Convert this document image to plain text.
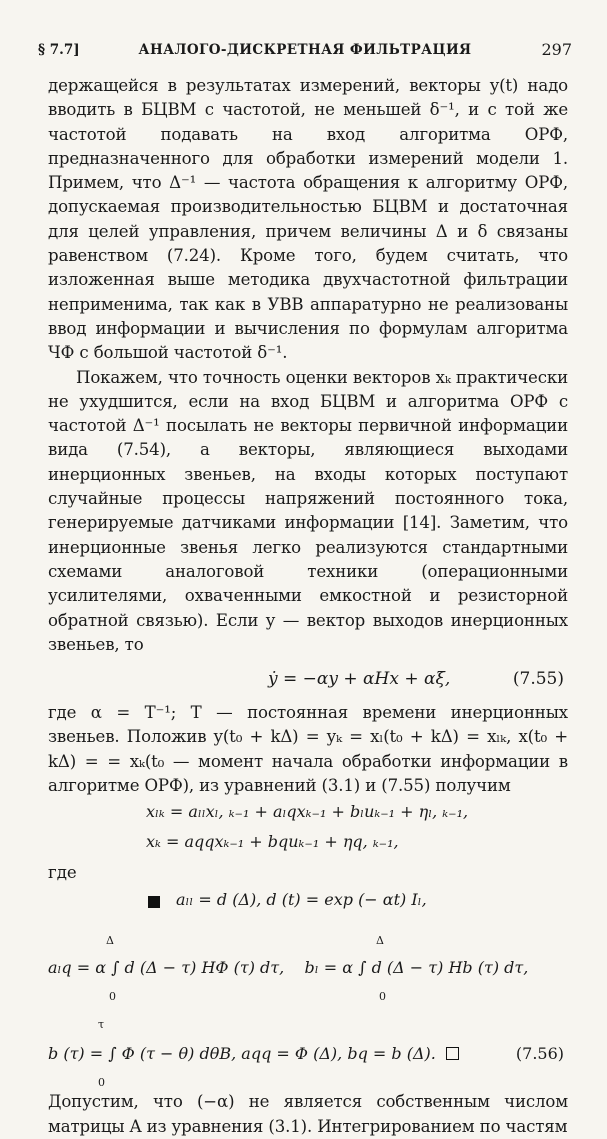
§ 7.7]	АНАЛОГО-ДИСКРЕТНАЯ ФИЛЬТРАЦИЯ	297

держащейся в результатах измерений, векторы y(t) надо вводить в БЦВМ с частотой, не меньшей δ⁻¹, и с той же частотой подавать на вход алгоритма ОРФ, предназначенного для обработки измерений модели 1. Примем, что Δ⁻¹ — частота обращения к алгоритму ОРФ, допускаемая производительностью БЦВМ и достаточная для целей управления, причем величины Δ и δ связаны равенством (7.24). Кроме того, будем считать, что изложенная выше методика двухчастотной фильтрации неприменима, так как в УВВ аппаратурно не реализованы ввод информации и вычисления по формулам алгоритма ЧФ с большой частотой δ⁻¹.

Покажем, что точность оценки векторов xₖ практически не ухудшится, если на вход БЦВМ и алгоритма ОРФ с частотой Δ⁻¹ посылать не векторы первичной информации вида (7.54), а векторы, являющиеся выходами инерционных звеньев, на входы которых поступают случайные процессы напряжений постоянного тока, генерируемые датчиками информации [14]. Заметим, что инерционные звенья легко реализуются стандартными схемами аналоговой техники (операционными усилителями, охваченными емкостной и резисторной обратной связью). Если y — вектор выходов инерционных звеньев, то

ẏ = −αy + αHx + αξ,	(7.55)

где α = T⁻¹; T — постоянная времени инерционных звеньев. Положив y(t₀ + kΔ) = yₖ = xₗ(t₀ + kΔ) = xₗₖ, x(t₀ + kΔ) = = xₖ(t₀ — момент начала обработки информации в алгоритме ОРФ), из уравнений (3.1) и (7.55) получим

xₗₖ = aₗₗxₗ, ₖ₋₁ + aₗqxₖ₋₁ + bₗuₖ₋₁ + ηₗ, ₖ₋₁,
xₖ = aqqxₖ₋₁ + bquₖ₋₁ + ηq, ₖ₋₁,
где
aₗₗ = d (Δ), d (t) = exp (− αt) Iₗ,
Δ
0
Δ
0
aₗq = α ∫ d (Δ − τ) HΦ (τ) dτ, bₗ = α ∫ d (Δ − τ) Hb (τ) dτ,
τ
0
b (τ) = ∫ Φ (τ − θ) dθB, aqq = Φ (Δ), bq = b (Δ).	(7.56)

Допустим, что (−α) не является собственным числом матрицы A из уравнения (3.1). Интегрированием по частям
